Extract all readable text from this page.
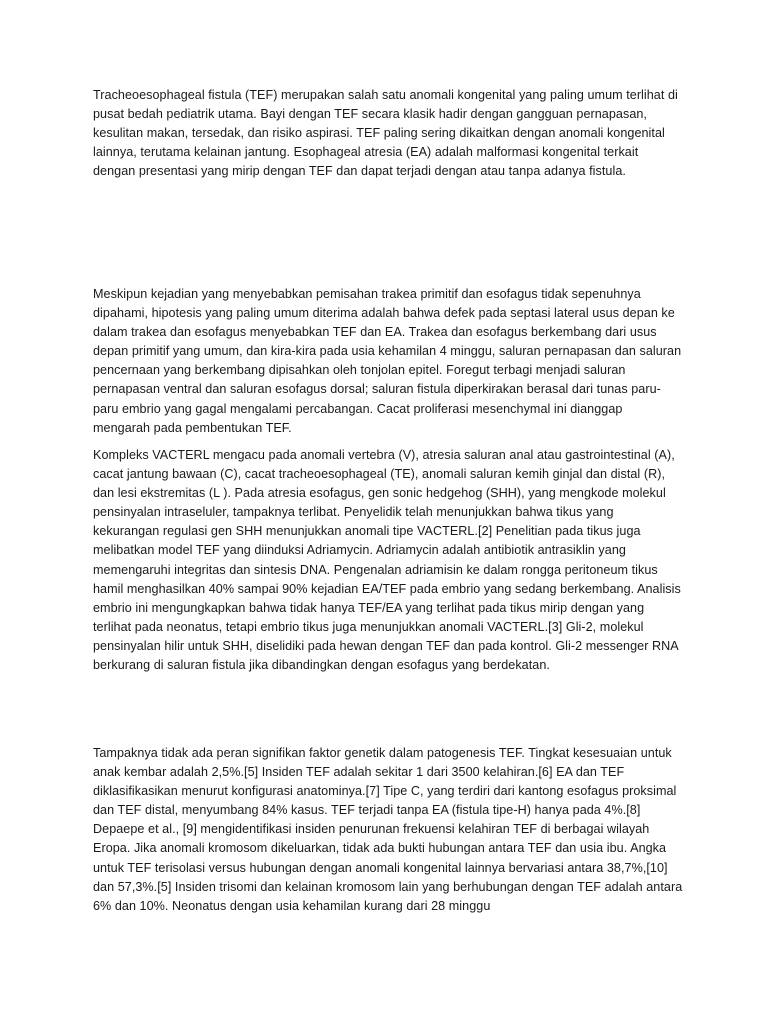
Tracheoesophageal fistula (TEF) merupakan salah satu anomali kongenital yang paling umum terlihat di pusat bedah pediatrik utama. Bayi dengan TEF secara klasik hadir dengan gangguan pernapasan, kesulitan makan, tersedak, dan risiko aspirasi. TEF paling sering dikaitkan dengan anomali kongenital lainnya, terutama kelainan jantung. Esophageal atresia (EA) adalah malformasi kongenital terkait dengan presentasi yang mirip dengan TEF dan dapat terjadi dengan atau tanpa adanya fistula.

Meskipun kejadian yang menyebabkan pemisahan trakea primitif dan esofagus tidak sepenuhnya dipahami, hipotesis yang paling umum diterima adalah bahwa defek pada septasi lateral usus depan ke dalam trakea dan esofagus menyebabkan TEF dan EA. Trakea dan esofagus berkembang dari usus depan primitif yang umum, dan kira-kira pada usia kehamilan 4 minggu, saluran pernapasan dan saluran pencernaan yang berkembang dipisahkan oleh tonjolan epitel. Foregut terbagi menjadi saluran pernapasan ventral dan saluran esofagus dorsal; saluran fistula diperkirakan berasal dari tunas paru-paru embrio yang gagal mengalami percabangan. Cacat proliferasi mesenchymal ini dianggap mengarah pada pembentukan TEF.

Kompleks VACTERL mengacu pada anomali vertebra (V), atresia saluran anal atau gastrointestinal (A), cacat jantung bawaan (C), cacat tracheoesophageal (TE), anomali saluran kemih ginjal dan distal (R), dan lesi ekstremitas (L ). Pada atresia esofagus, gen sonic hedgehog (SHH), yang mengkode molekul pensinyalan intraseluler, tampaknya terlibat. Penyelidik telah menunjukkan bahwa tikus yang kekurangan regulasi gen SHH menunjukkan anomali tipe VACTERL.[2] Penelitian pada tikus juga melibatkan model TEF yang diinduksi Adriamycin. Adriamycin adalah antibiotik antrasiklin yang memengaruhi integritas dan sintesis DNA. Pengenalan adriamisin ke dalam rongga peritoneum tikus hamil menghasilkan 40% sampai 90% kejadian EA/TEF pada embrio yang sedang berkembang. Analisis embrio ini mengungkapkan bahwa tidak hanya TEF/EA yang terlihat pada tikus mirip dengan yang terlihat pada neonatus, tetapi embrio tikus juga menunjukkan anomali VACTERL.[3] Gli-2, molekul pensinyalan hilir untuk SHH, diselidiki pada hewan dengan TEF dan pada kontrol. Gli-2 messenger RNA berkurang di saluran fistula jika dibandingkan dengan esofagus yang berdekatan.

Tampaknya tidak ada peran signifikan faktor genetik dalam patogenesis TEF. Tingkat kesesuaian untuk anak kembar adalah 2,5%.[5] Insiden TEF adalah sekitar 1 dari 3500 kelahiran.[6] EA dan TEF diklasifikasikan menurut konfigurasi anatominya.[7] Tipe C, yang terdiri dari kantong esofagus proksimal dan TEF distal, menyumbang 84% kasus. TEF terjadi tanpa EA (fistula tipe-H) hanya pada 4%.[8] Depaepe et al., [9] mengidentifikasi insiden penurunan frekuensi kelahiran TEF di berbagai wilayah Eropa. Jika anomali kromosom dikeluarkan, tidak ada bukti hubungan antara TEF dan usia ibu. Angka untuk TEF terisolasi versus hubungan dengan anomali kongenital lainnya bervariasi antara 38,7%,[10] dan 57,3%.[5] Insiden trisomi dan kelainan kromosom lain yang berhubungan dengan TEF adalah antara 6% dan 10%. Neonatus dengan usia kehamilan kurang dari 28 minggu
